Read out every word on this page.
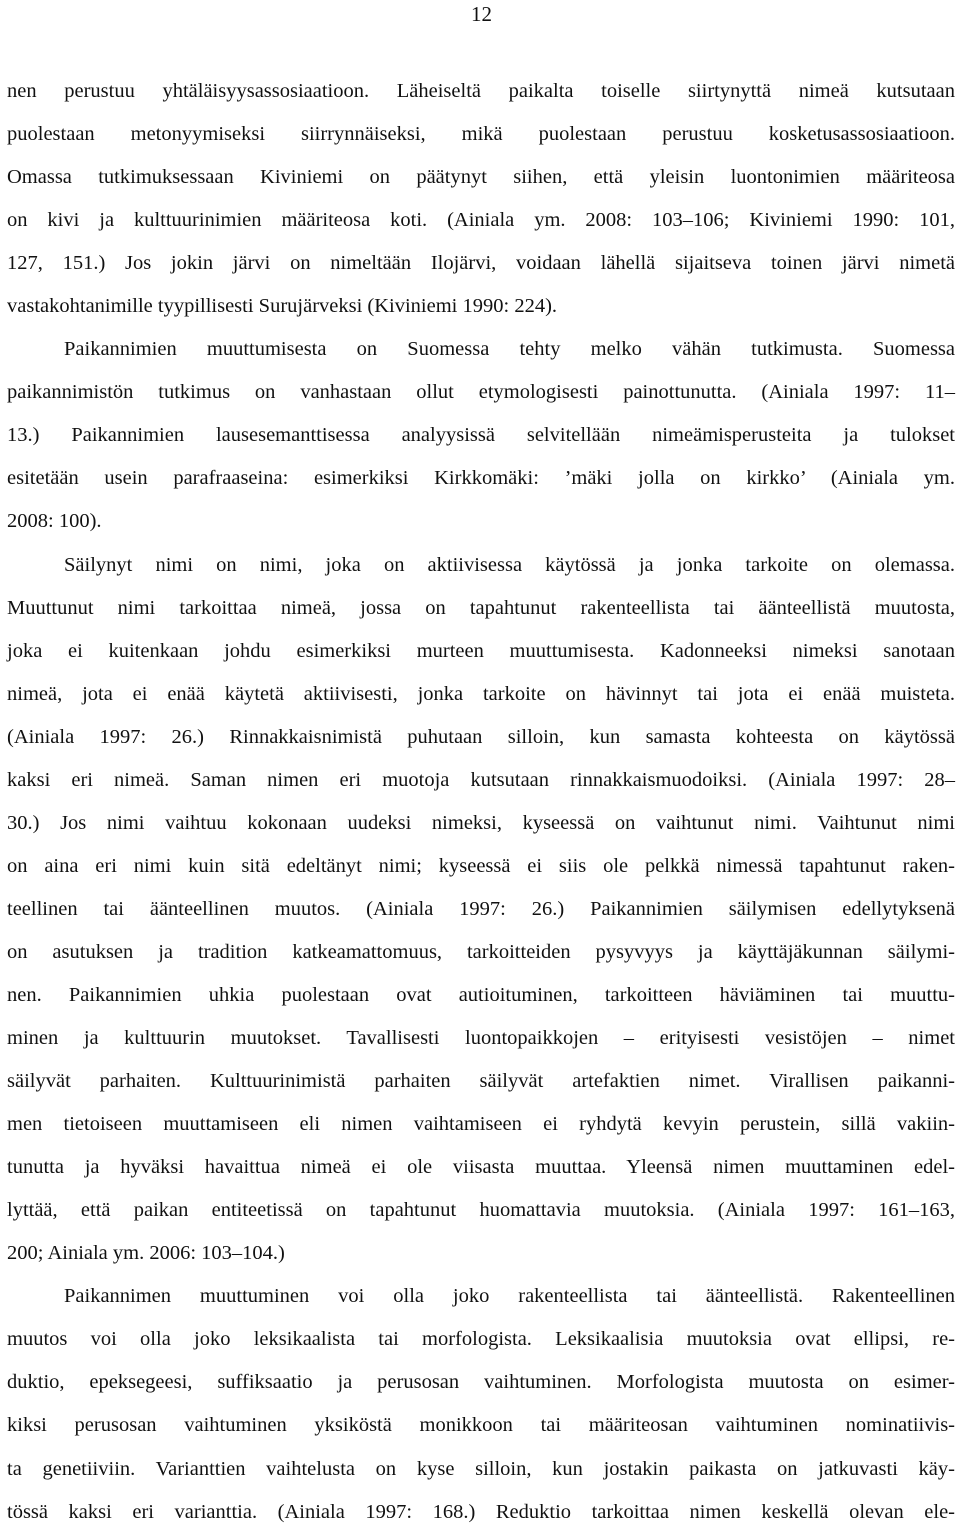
12
nen perustuu yhtäläisyysassosiaatioon. Läheiseltä paikalta toiselle siirtynyttä nimeä kutsutaan
puolestaan metonyymiseksi siirrynnäiseksi, mikä puolestaan perustuu kosketusassosiaatioon.
Omassa tutkimuksessaan Kiviniemi on päätynyt siihen, että yleisin luontonimien määriteosa
on kivi ja kulttuurinimien määriteosa koti. (Ainiala ym. 2008: 103–106; Kiviniemi 1990: 101,
127, 151.) Jos jokin järvi on nimeltään Ilojärvi, voidaan lähellä sijaitseva toinen järvi nimetä
vastakohtanimille tyypillisesti Surujärveksi (Kiviniemi 1990: 224).
Paikannimien muuttumisesta on Suomessa tehty melko vähän tutkimusta. Suomessa
paikannimistön tutkimus on vanhastaan ollut etymologisesti painottunutta. (Ainiala 1997: 11–
13.) Paikannimien lausesemanttisessa analyysissä selvitellään nimeämisperusteita ja tulokset
esitetään usein parafraaseina: esimerkiksi Kirkkomäki: ’mäki jolla on kirkko’ (Ainiala ym.
2008: 100).
Säilynyt nimi on nimi, joka on aktiivisessa käytössä ja jonka tarkoite on olemassa.
Muuttunut nimi tarkoittaa nimeä, jossa on tapahtunut rakenteellista tai äänteellistä muutosta,
joka ei kuitenkaan johdu esimerkiksi murteen muuttumisesta. Kadonneeksi nimeksi sanotaan
nimeä, jota ei enää käytetä aktiivisesti, jonka tarkoite on hävinnyt tai jota ei enää muisteta.
(Ainiala 1997: 26.) Rinnakkaisnimistä puhutaan silloin, kun samasta kohteesta on käytössä
kaksi eri nimeä. Saman nimen eri muotoja kutsutaan rinnakkaismuodoiksi. (Ainiala 1997: 28–
30.) Jos nimi vaihtuu kokonaan uudeksi nimeksi, kyseessä on vaihtunut nimi. Vaihtunut nimi
on aina eri nimi kuin sitä edeltänyt nimi; kyseessä ei siis ole pelkkä nimessä tapahtunut raken-
teellinen tai äänteellinen muutos. (Ainiala 1997: 26.) Paikannimien säilymisen edellytyksenä
on asutuksen ja tradition katkeamattomuus, tarkoitteiden pysyvyys ja käyttäjäkunnan säilymi-
nen. Paikannimien uhkia puolestaan ovat autioituminen, tarkoitteen häviäminen tai muuttu-
minen ja kulttuurin muutokset. Tavallisesti luontopaikkojen – erityisesti vesistöjen – nimet
säilyvät parhaiten. Kulttuurinimistä parhaiten säilyvät artefaktien nimet. Virallisen paikanni-
men tietoiseen muuttamiseen eli nimen vaihtamiseen ei ryhdytä kevyin perustein, sillä vakiin-
tunutta ja hyväksi havaittua nimeä ei ole viisasta muuttaa. Yleensä nimen muuttaminen edel-
lyttää, että paikan entiteetissä on tapahtunut huomattavia muutoksia. (Ainiala 1997: 161–163,
200; Ainiala ym. 2006: 103–104.)
Paikannimen muuttuminen voi olla joko rakenteellista tai äänteellistä. Rakenteellinen
muutos voi olla joko leksikaalista tai morfologista. Leksikaalisia muutoksia ovat ellipsi, re-
duktio, epeksegeesi, suffiksaatio ja perusosan vaihtuminen. Morfologista muutosta on esimer-
kiksi perusosan vaihtuminen yksiköstä monikkoon tai määriteosan vaihtuminen nominatiivis-
ta genetiiviin. Varianttien vaihtelusta on kyse silloin, kun jostakin paikasta on jatkuvasti käy-
tössä kaksi eri varianttia. (Ainiala 1997: 168.) Reduktio tarkoittaa nimen keskellä olevan ele-
